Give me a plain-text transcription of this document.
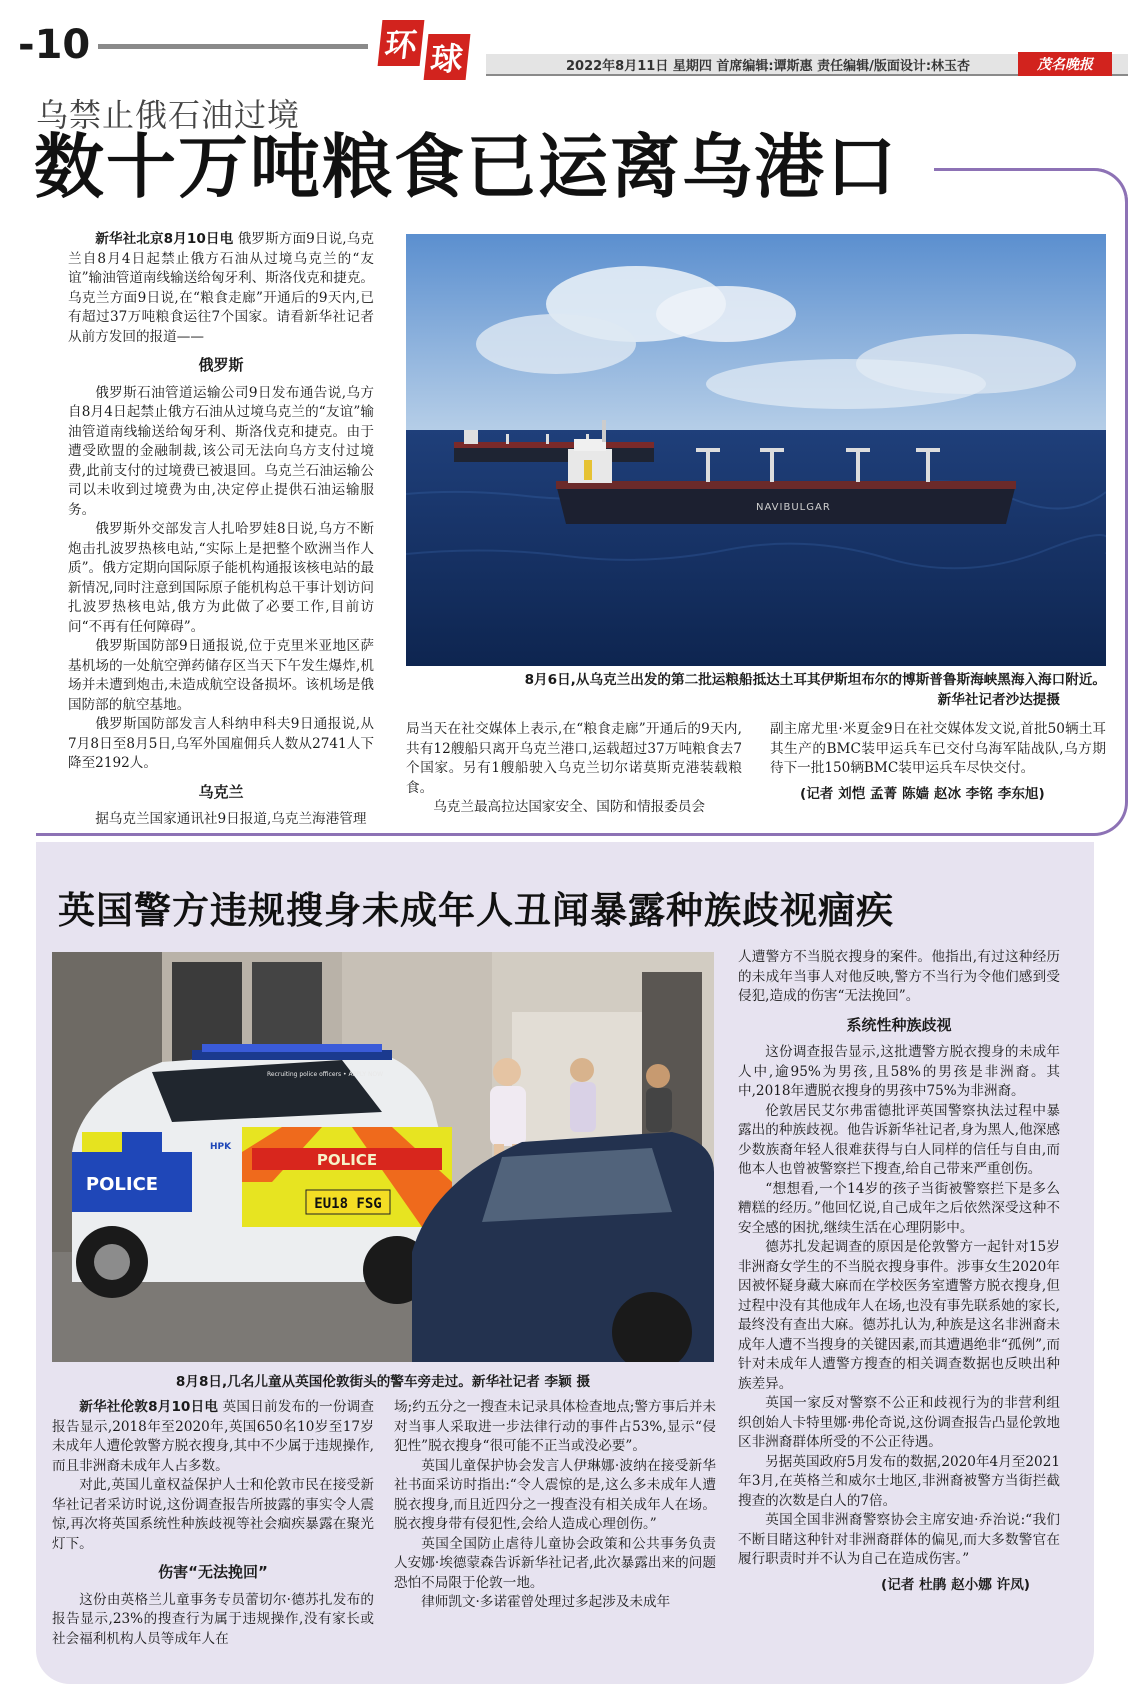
-10	环 球	2022年8月11日 星期四 首席编辑:谭斯惠 责任编辑/版面设计:林玉杏	茂名晚报
乌禁止俄石油过境
数十万吨粮食已运离乌港口

新华社北京8月10日电 俄罗斯方面9日说,乌克兰自8月4日起禁止俄方石油从过境乌克兰的“友谊”输油管道南线输送给匈牙利、斯洛伐克和捷克。乌克兰方面9日说,在“粮食走廊”开通后的9天内,已有超过37万吨粮食运往7个国家。请看新华社记者从前方发回的报道——

俄罗斯

俄罗斯石油管道运输公司9日发布通告说,乌方自8月4日起禁止俄方石油从过境乌克兰的“友谊”输油管道南线输送给匈牙利、斯洛伐克和捷克。由于遭受欧盟的金融制裁,该公司无法向乌方支付过境费,此前支付的过境费已被退回。乌克兰石油运输公司以未收到过境费为由,决定停止提供石油运输服务。

俄罗斯外交部发言人扎哈罗娃8日说,乌方不断炮击扎波罗热核电站,“实际上是把整个欧洲当作人质”。俄方定期向国际原子能机构通报该核电站的最新情况,同时注意到国际原子能机构总干事计划访问扎波罗热核电站,俄方为此做了必要工作,目前访问“不再有任何障碍”。

俄罗斯国防部9日通报说,位于克里米亚地区萨基机场的一处航空弹药储存区当天下午发生爆炸,机场并未遭到炮击,未造成航空设备损坏。该机场是俄国防部的航空基地。

俄罗斯国防部发言人科纳申科夫9日通报说,从7月8日至8月5日,乌军外国雇佣兵人数从2741人下降至2192人。

乌克兰

据乌克兰国家通讯社9日报道,乌克兰海港管理

NAVIBULGAR
8月6日,从乌克兰出发的第二批运粮船抵达土耳其伊斯坦布尔的博斯普鲁斯海峡黑海入海口附近。
新华社记者沙达提摄

局当天在社交媒体上表示,在“粮食走廊”开通后的9天内,共有12艘船只离开乌克兰港口,运载超过37万吨粮食去7个国家。另有1艘船驶入乌克兰切尔诺莫斯克港装载粮食。

乌克兰最高拉达国家安全、国防和情报委员会

副主席尤里·米夏金9日在社交媒体发文说,首批50辆土耳其生产的BMC装甲运兵车已交付乌海军陆战队,乌方期待下一批150辆BMC装甲运兵车尽快交付。

(记者 刘恺 孟菁 陈嫱 赵冰 李铭 李东旭)

英国警方违规搜身未成年人丑闻暴露种族歧视痼疾
POLICE
POLICE
HPK
EU18 FSG
Recruiting police officers • APPLY NOW
8月8日,几名儿童从英国伦敦街头的警车旁走过。新华社记者 李颖 摄

新华社伦敦8月10日电 英国日前发布的一份调查报告显示,2018年至2020年,英国650名10岁至17岁未成年人遭伦敦警方脱衣搜身,其中不少属于违规操作,而且非洲裔未成年人占多数。

对此,英国儿童权益保护人士和伦敦市民在接受新华社记者采访时说,这份调查报告所披露的事实令人震惊,再次将英国系统性种族歧视等社会痼疾暴露在聚光灯下。

伤害“无法挽回”

这份由英格兰儿童事务专员蕾切尔·德苏扎发布的报告显示,23%的搜查行为属于违规操作,没有家长或社会福利机构人员等成年人在

场;约五分之一搜查未记录具体检查地点;警方事后并未对当事人采取进一步法律行动的事件占53%,显示“侵犯性”脱衣搜身“很可能不正当或没必要”。

英国儿童保护协会发言人伊琳娜·波纳在接受新华社书面采访时指出:“令人震惊的是,这么多未成年人遭脱衣搜身,而且近四分之一搜查没有相关成年人在场。脱衣搜身带有侵犯性,会给人造成心理创伤。”

英国全国防止虐待儿童协会政策和公共事务负责人安娜·埃德蒙森告诉新华社记者,此次暴露出来的问题恐怕不局限于伦敦一地。

律师凯文·多诺霍曾处理过多起涉及未成年

人遭警方不当脱衣搜身的案件。他指出,有过这种经历的未成年当事人对他反映,警方不当行为令他们感到受侵犯,造成的伤害“无法挽回”。

系统性种族歧视

这份调查报告显示,这批遭警方脱衣搜身的未成年人中,逾95%为男孩,且58%的男孩是非洲裔。其中,2018年遭脱衣搜身的男孩中75%为非洲裔。

伦敦居民艾尔弗雷德批评英国警察执法过程中暴露出的种族歧视。他告诉新华社记者,身为黑人,他深感少数族裔年轻人很难获得与白人同样的信任与自由,而他本人也曾被警察拦下搜查,给自己带来严重创伤。

“想想看,一个14岁的孩子当街被警察拦下是多么糟糕的经历。”他回忆说,自己成年之后依然深受这种不安全感的困扰,继续生活在心理阴影中。

德苏扎发起调查的原因是伦敦警方一起针对15岁非洲裔女学生的不当脱衣搜身事件。涉事女生2020年因被怀疑身藏大麻而在学校医务室遭警方脱衣搜身,但过程中没有其他成年人在场,也没有事先联系她的家长,最终没有查出大麻。德苏扎认为,种族是这名非洲裔未成年人遭不当搜身的关键因素,而其遭遇绝非“孤例”,而针对未成年人遭警方搜查的相关调查数据也反映出种族差异。

英国一家反对警察不公正和歧视行为的非营利组织创始人卡特里娜·弗伦奇说,这份调查报告凸显伦敦地区非洲裔群体所受的不公正待遇。

另据英国政府5月发布的数据,2020年4月至2021年3月,在英格兰和威尔士地区,非洲裔被警方当街拦截搜查的次数是白人的7倍。

英国全国非洲裔警察协会主席安迪·乔治说:“我们不断目睹这种针对非洲裔群体的偏见,而大多数警官在履行职责时并不认为自己在造成伤害。”

(记者 杜鹃 赵小娜 许凤)
